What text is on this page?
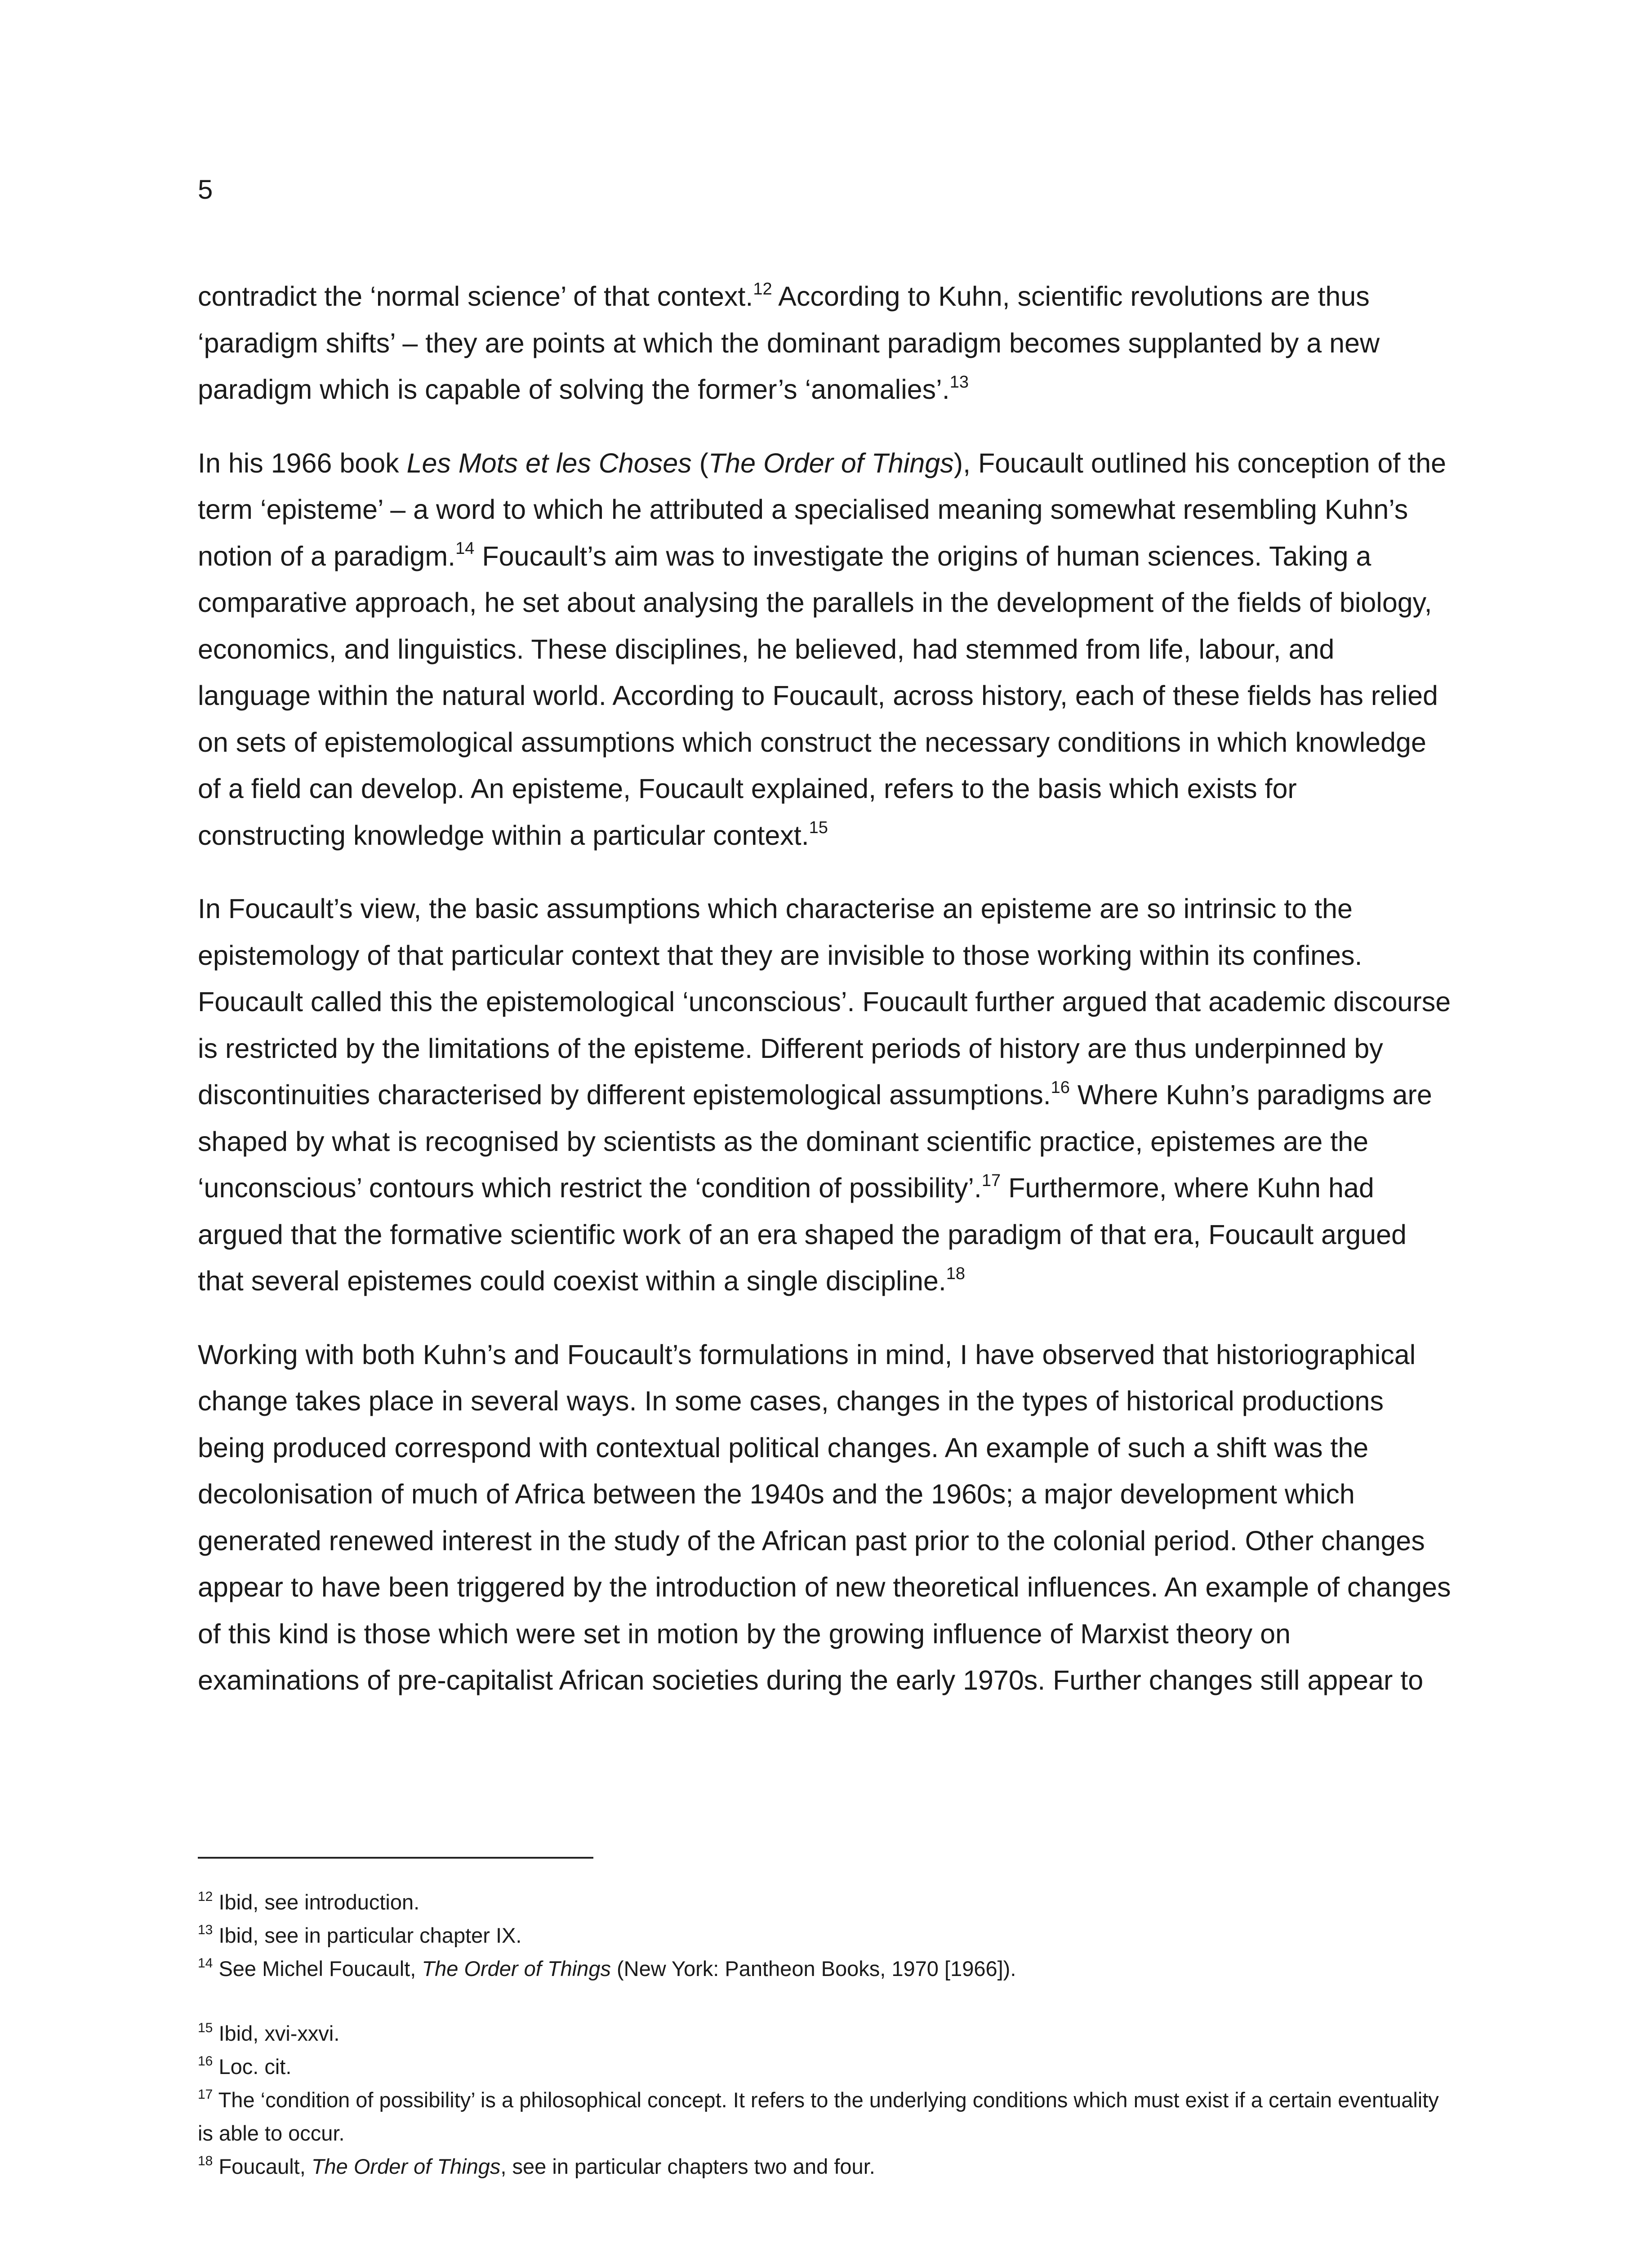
5

contradict the ‘normal science’ of that context.$^{12}$ According to Kuhn, scientific revolutions are thus ‘paradigm shifts’ – they are points at which the dominant paradigm becomes supplanted by a new paradigm which is capable of solving the former’s ‘anomalies’.$^{13}$

In his 1966 book Les Mots et les Choses (The Order of Things), Foucault outlined his conception of the term ‘episteme’ – a word to which he attributed a specialised meaning somewhat resembling Kuhn’s notion of a paradigm.$^{14}$ Foucault’s aim was to investigate the origins of human sciences. Taking a comparative approach, he set about analysing the parallels in the development of the fields of biology, economics, and linguistics. These disciplines, he believed, had stemmed from life, labour, and language within the natural world. According to Foucault, across history, each of these fields has relied on sets of epistemological assumptions which construct the necessary conditions in which knowledge of a field can develop. An episteme, Foucault explained, refers to the basis which exists for constructing knowledge within a particular context.$^{15}$

In Foucault’s view, the basic assumptions which characterise an episteme are so intrinsic to the epistemology of that particular context that they are invisible to those working within its confines. Foucault called this the epistemological ‘unconscious’. Foucault further argued that academic discourse is restricted by the limitations of the episteme. Different periods of history are thus underpinned by discontinuities characterised by different epistemological assumptions.$^{16}$ Where Kuhn’s paradigms are shaped by what is recognised by scientists as the dominant scientific practice, epistemes are the ‘unconscious’ contours which restrict the ‘condition of possibility’.$^{17}$ Furthermore, where Kuhn had argued that the formative scientific work of an era shaped the paradigm of that era, Foucault argued that several epistemes could coexist within a single discipline.$^{18}$

Working with both Kuhn’s and Foucault’s formulations in mind, I have observed that historiographical change takes place in several ways. In some cases, changes in the types of historical productions being produced correspond with contextual political changes. An example of such a shift was the decolonisation of much of Africa between the 1940s and the 1960s; a major development which generated renewed interest in the study of the African past prior to the colonial period. Other changes appear to have been triggered by the introduction of new theoretical influences. An example of changes of this kind is those which were set in motion by the growing influence of Marxist theory on examinations of pre-capitalist African societies during the early 1970s. Further changes still appear to

$^{12}$ Ibid, see introduction.
$^{13}$ Ibid, see in particular chapter IX.
$^{14}$ See Michel Foucault, The Order of Things (New York: Pantheon Books, 1970 [1966]).
$^{15}$ Ibid, xvi-xxvi.
$^{16}$ Loc. cit.
$^{17}$ The ‘condition of possibility’ is a philosophical concept. It refers to the underlying conditions which must exist if a certain eventuality is able to occur.
$^{18}$ Foucault, The Order of Things, see in particular chapters two and four.
